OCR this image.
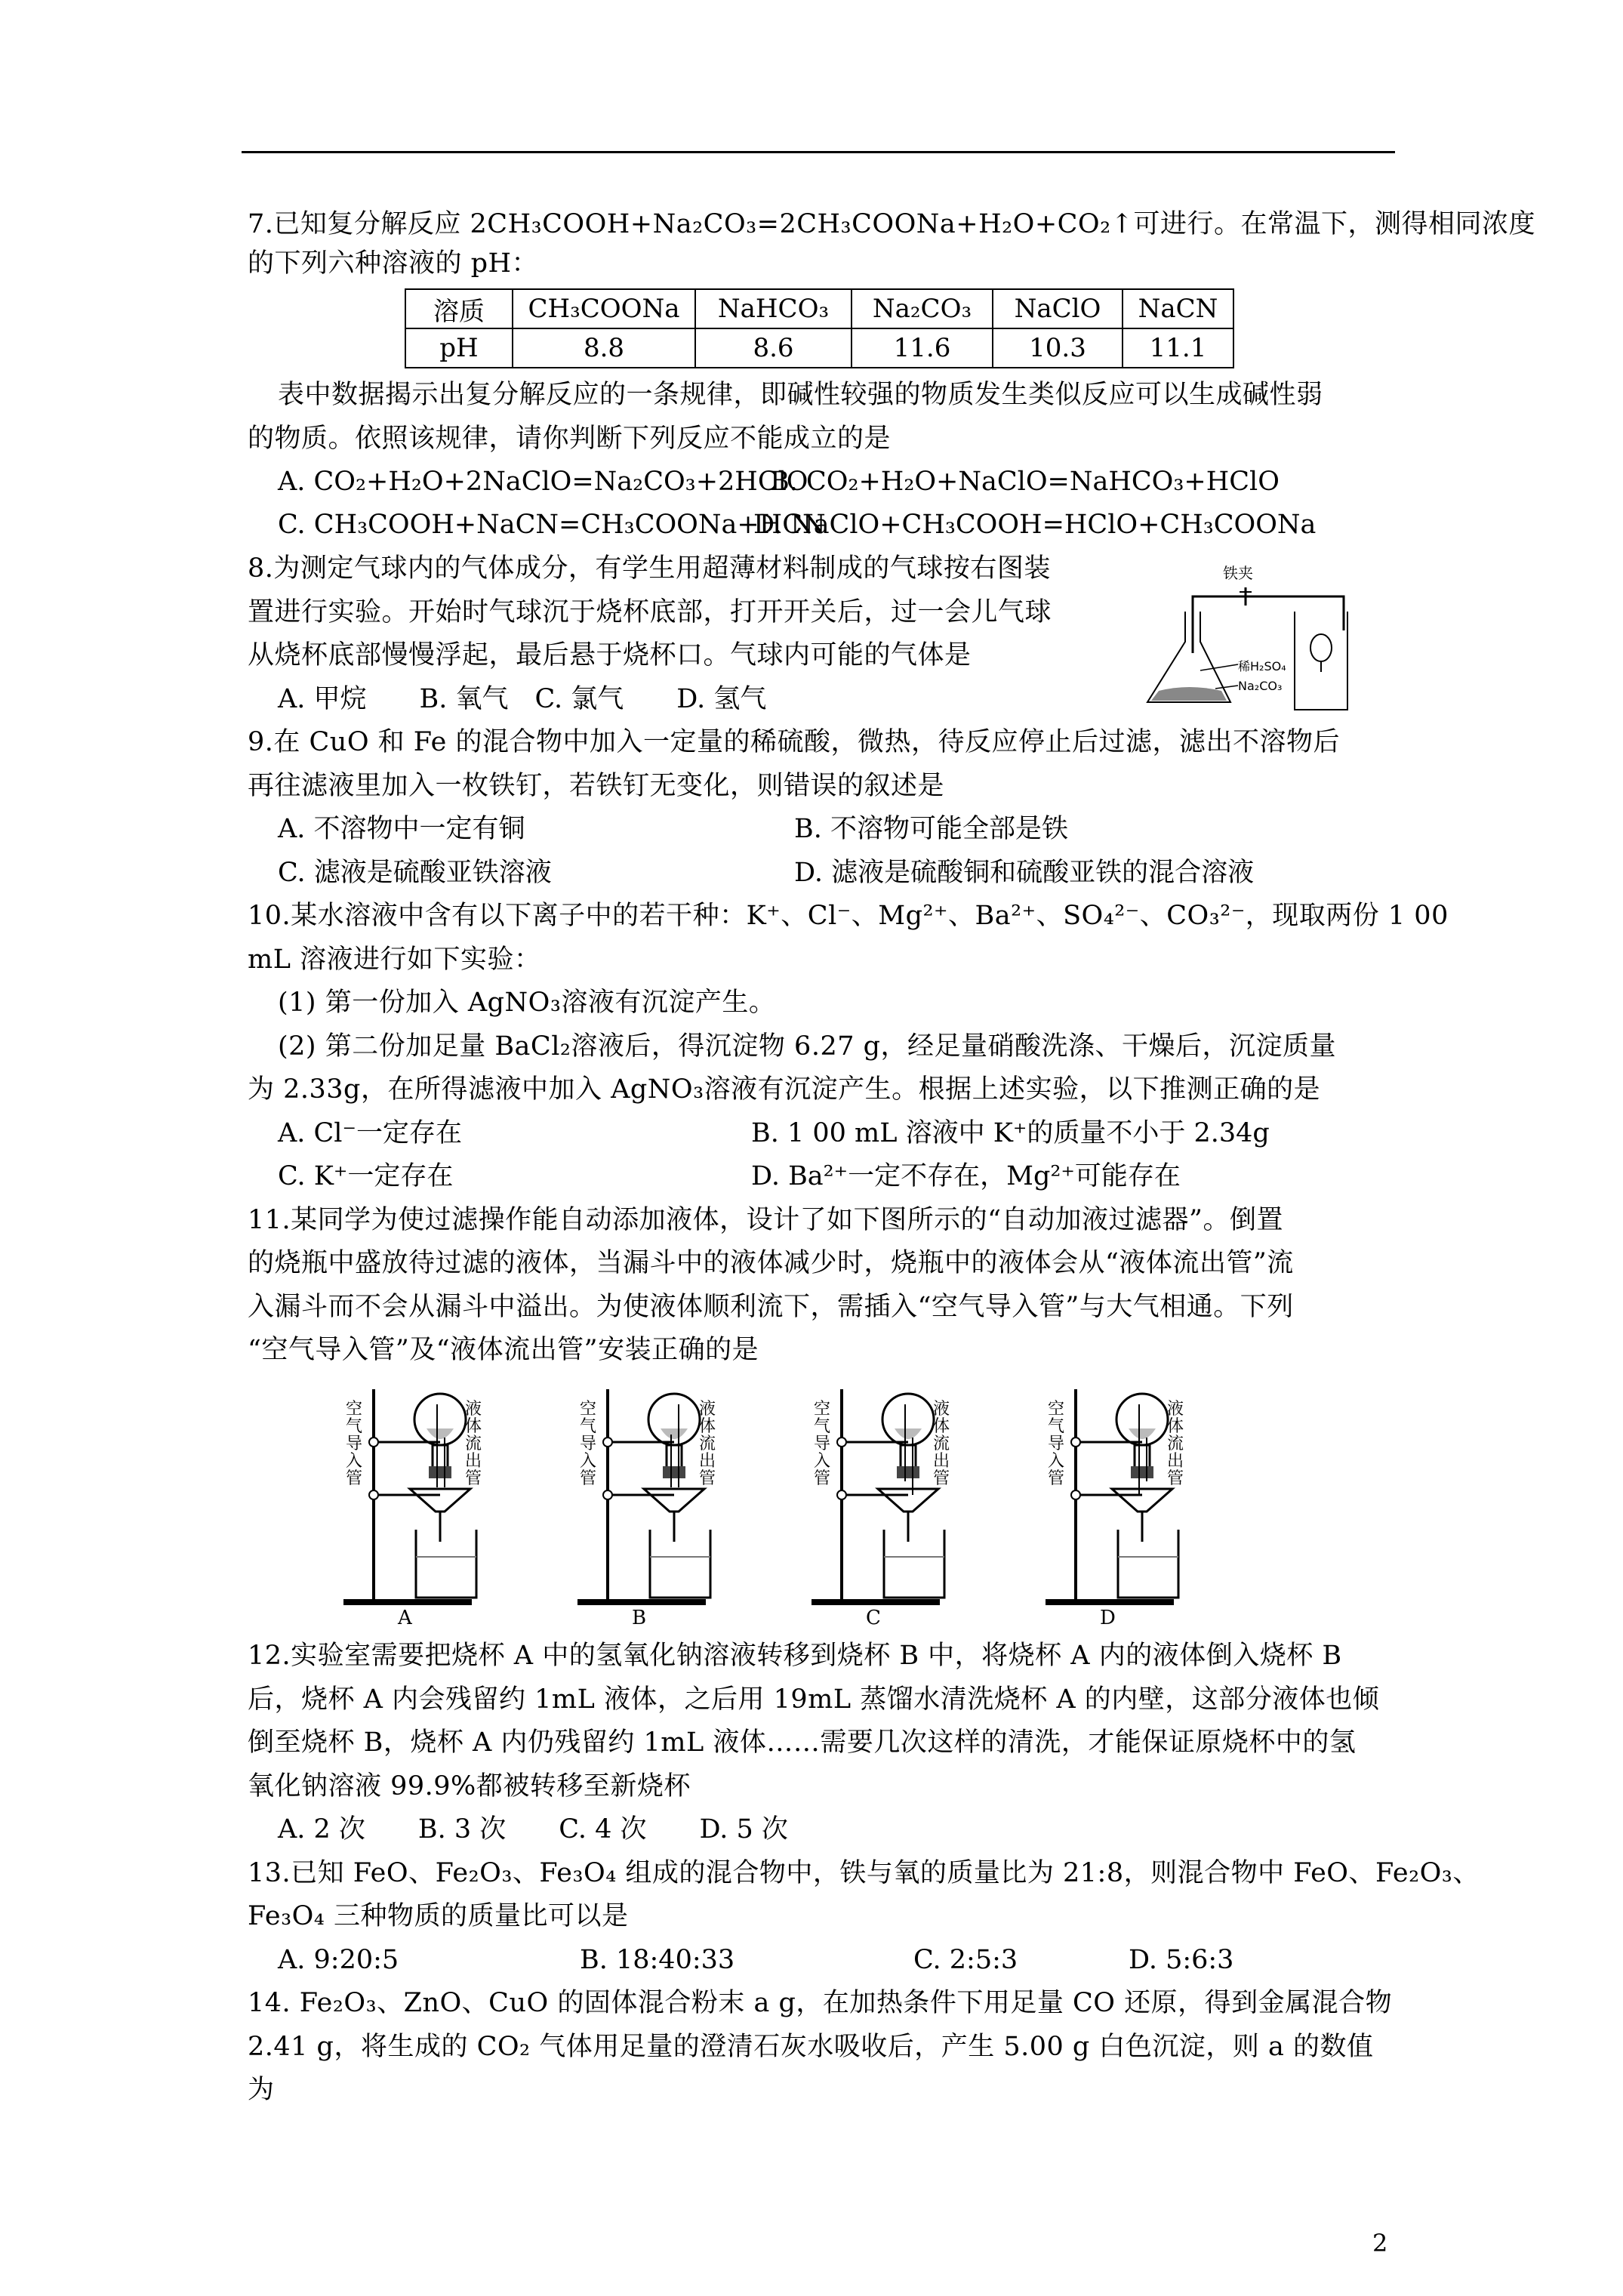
7.已知复分解反应 2CH₃COOH+Na₂CO₃=2CH₃COONa+H₂O+CO₂↑可进行。在常温下，测得相同浓度
的下列六种溶液的 pH：
溶质	CH₃COONa	NaHCO₃	Na₂CO₃	NaClO	NaCN
pH	8.8	8.6	11.6	10.3	11.1
表中数据揭示出复分解反应的一条规律，即碱性较强的物质发生类似反应可以生成碱性弱
的物质。依照该规律，请你判断下列反应不能成立的是
A. CO₂+H₂O+2NaClO=Na₂CO₃+2HClO
B. CO₂+H₂O+NaClO=NaHCO₃+HClO
C. CH₃COOH+NaCN=CH₃COONa+HCN
D. NaClO+CH₃COOH=HClO+CH₃COONa
8.为测定气球内的气体成分，有学生用超薄材料制成的气球按右图装
置进行实验。开始时气球沉于烧杯底部，打开开关后，过一会儿气球
从烧杯底部慢慢浮起，最后悬于烧杯口。气球内可能的气体是
A. 甲烷　　B. 氧气　C. 氯气　　D. 氢气
铁夹
稀H₂SO₄
Na₂CO₃
9.在 CuO 和 Fe 的混合物中加入一定量的稀硫酸，微热，待反应停止后过滤，滤出不溶物后
再往滤液里加入一枚铁钉，若铁钉无变化，则错误的叙述是
A. 不溶物中一定有铜	B. 不溶物可能全部是铁
C. 滤液是硫酸亚铁溶液	D. 滤液是硫酸铜和硫酸亚铁的混合溶液
10.某水溶液中含有以下离子中的若干种：K⁺、Cl⁻、Mg²⁺、Ba²⁺、SO₄²⁻、CO₃²⁻，现取两份 1 00
mL 溶液进行如下实验：
(1) 第一份加入 AgNO₃溶液有沉淀产生。
(2) 第二份加足量 BaCl₂溶液后，得沉淀物 6.27 g，经足量硝酸洗涤、干燥后，沉淀质量
为 2.33g，在所得滤液中加入 AgNO₃溶液有沉淀产生。根据上述实验，以下推测正确的是
A. Cl⁻一定存在	B. 1 00 mL 溶液中 K⁺的质量不小于 2.34g
C. K⁺一定存在	D. Ba²⁺一定不存在，Mg²⁺可能存在
11.某同学为使过滤操作能自动添加液体，设计了如下图所示的“自动加液过滤器”。倒置
的烧瓶中盛放待过滤的液体，当漏斗中的液体减少时，烧瓶中的液体会从“液体流出管”流
入漏斗而不会从漏斗中溢出。为使液体顺利流下，需插入“空气导入管”与大气相通。下列
“空气导入管”及“液体流出管”安装正确的是
空气导入管
液体流出管
A
空气导入管
液体流出管
B
空气导入管
液体流出管
C
空气导入管
液体流出管
D
12.实验室需要把烧杯 A 中的氢氧化钠溶液转移到烧杯 B 中，将烧杯 A 内的液体倒入烧杯 B
后，烧杯 A 内会残留约 1mL 液体，之后用 19mL 蒸馏水清洗烧杯 A 的内壁，这部分液体也倾
倒至烧杯 B，烧杯 A 内仍残留约 1mL 液体……需要几次这样的清洗，才能保证原烧杯中的氢
氧化钠溶液 99.9%都被转移至新烧杯
A. 2 次　　B. 3 次　　C. 4 次　　D. 5 次
13.已知 FeO、Fe₂O₃、Fe₃O₄ 组成的混合物中，铁与氧的质量比为 21:8，则混合物中 FeO、Fe₂O₃、
Fe₃O₄ 三种物质的质量比可以是
A. 9:20:5	B. 18:40:33	C. 2:5:3	D. 5:6:3
14. Fe₂O₃、ZnO、CuO 的固体混合粉末 a g，在加热条件下用足量 CO 还原，得到金属混合物
2.41 g，将生成的 CO₂ 气体用足量的澄清石灰水吸收后，产生 5.00 g 白色沉淀，则 a 的数值
为
2
